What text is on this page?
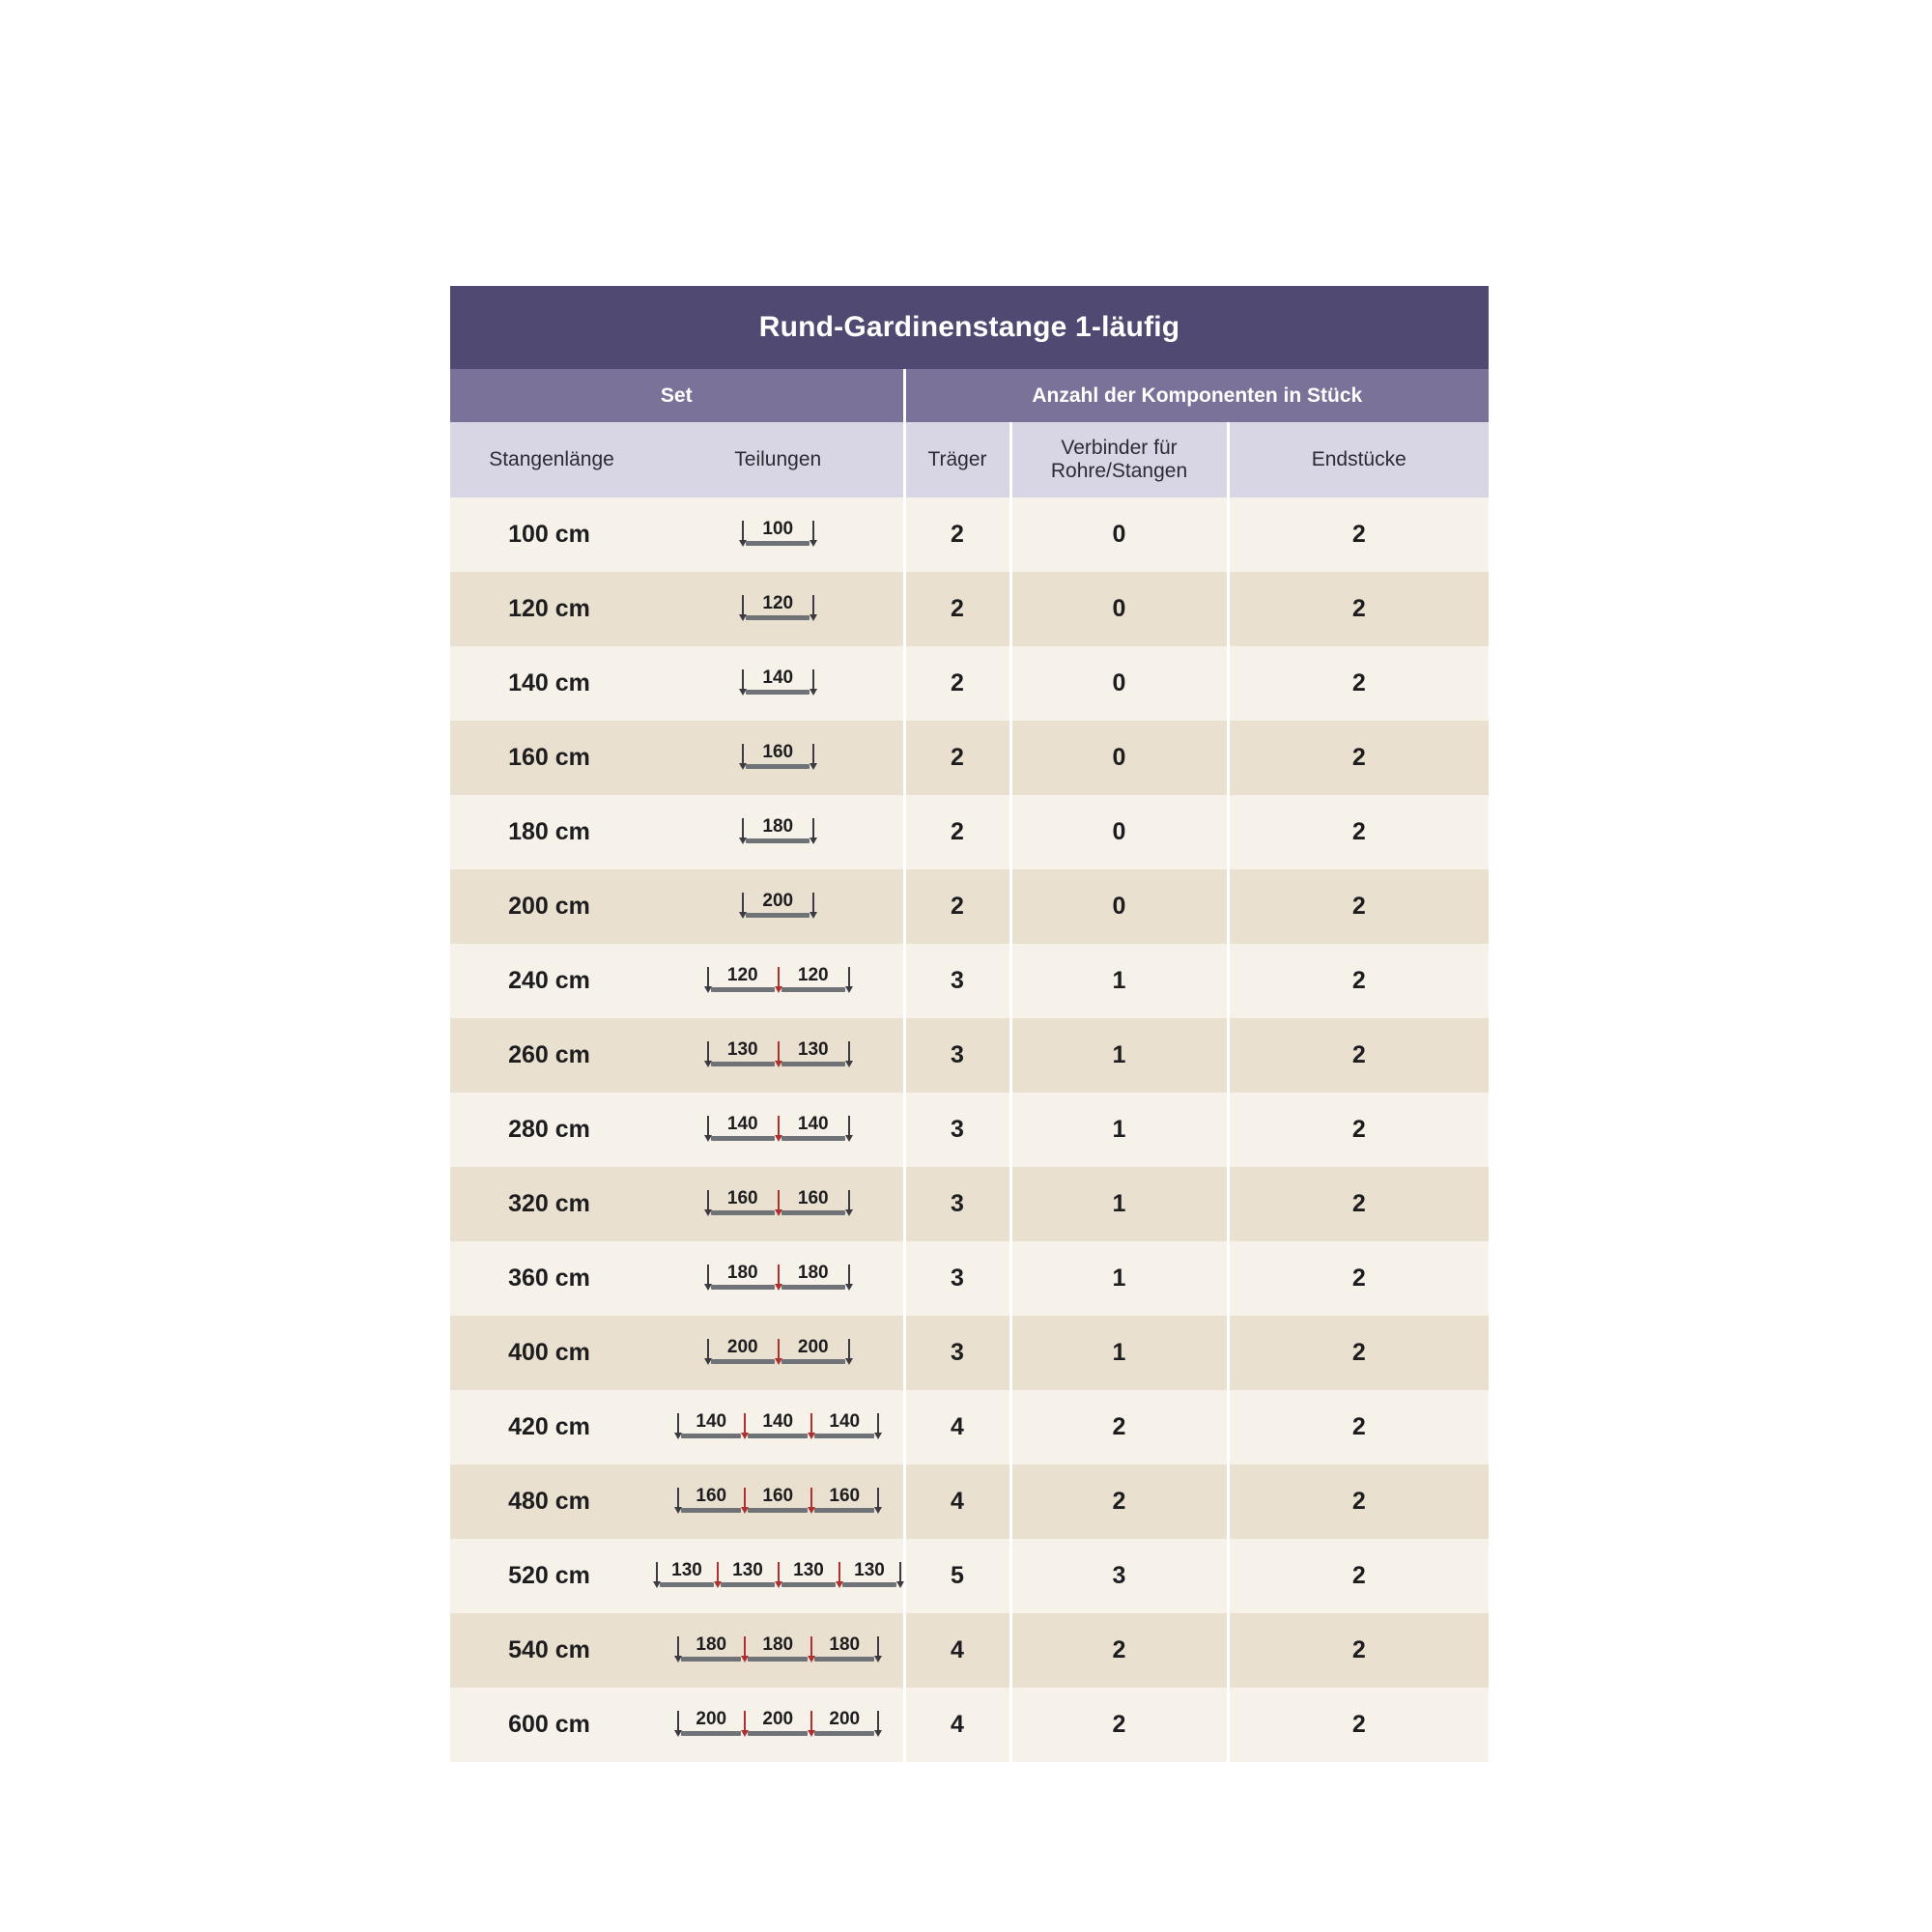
Rund-Gardinenstange 1-läufig				
Set		Anzahl der Komponenten in Stück		
Stangenlänge	Teilungen	Träger	Verbinder für
Rohre/Stangen	Endstücke
100 cm	100	2	0	2
120 cm	120	2	0	2
140 cm	140	2	0	2
160 cm	160	2	0	2
180 cm	180	2	0	2
200 cm	200	2	0	2
240 cm	120 120	3	1	2
260 cm	130 130	3	1	2
280 cm	140 140	3	1	2
320 cm	160 160	3	1	2
360 cm	180 180	3	1	2
400 cm	200 200	3	1	2
420 cm	140 140 140	4	2	2
480 cm	160 160 160	4	2	2
520 cm	130 130 130 130	5	3	2
540 cm	180 180 180	4	2	2
600 cm	200 200 200	4	2	2
